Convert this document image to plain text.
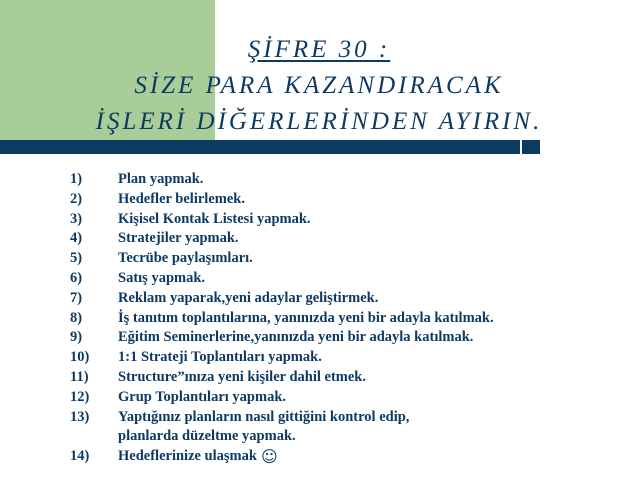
ŞİFRE 30 :
SİZE PARA KAZANDIRACAK
İŞLERİ DİĞERLERİNDEN AYIRIN.
1)	Plan yapmak.
2)	Hedefler belirlemek.
3)	Kişisel Kontak Listesi yapmak.
4)	Stratejiler yapmak.
5)	Tecrübe paylaşımları.
6)	Satış yapmak.
7)	Reklam yaparak,yeni adaylar geliştirmek.
8)	İş tanıtım toplantılarına, yanınızda yeni bir adayla katılmak.
9)	Eğitim Seminerlerine,yanınızda yeni bir adayla katılmak.
10)	1:1 Strateji Toplantıları yapmak.
11)	Structure”ınıza yeni kişiler dahil etmek.
12)	Grup Toplantıları yapmak.
13)	Yaptığınız planların nasıl gittiğini kontrol edip,
planlarda düzeltme yapmak.
14)	Hedeflerinize ulaşmak ☺
